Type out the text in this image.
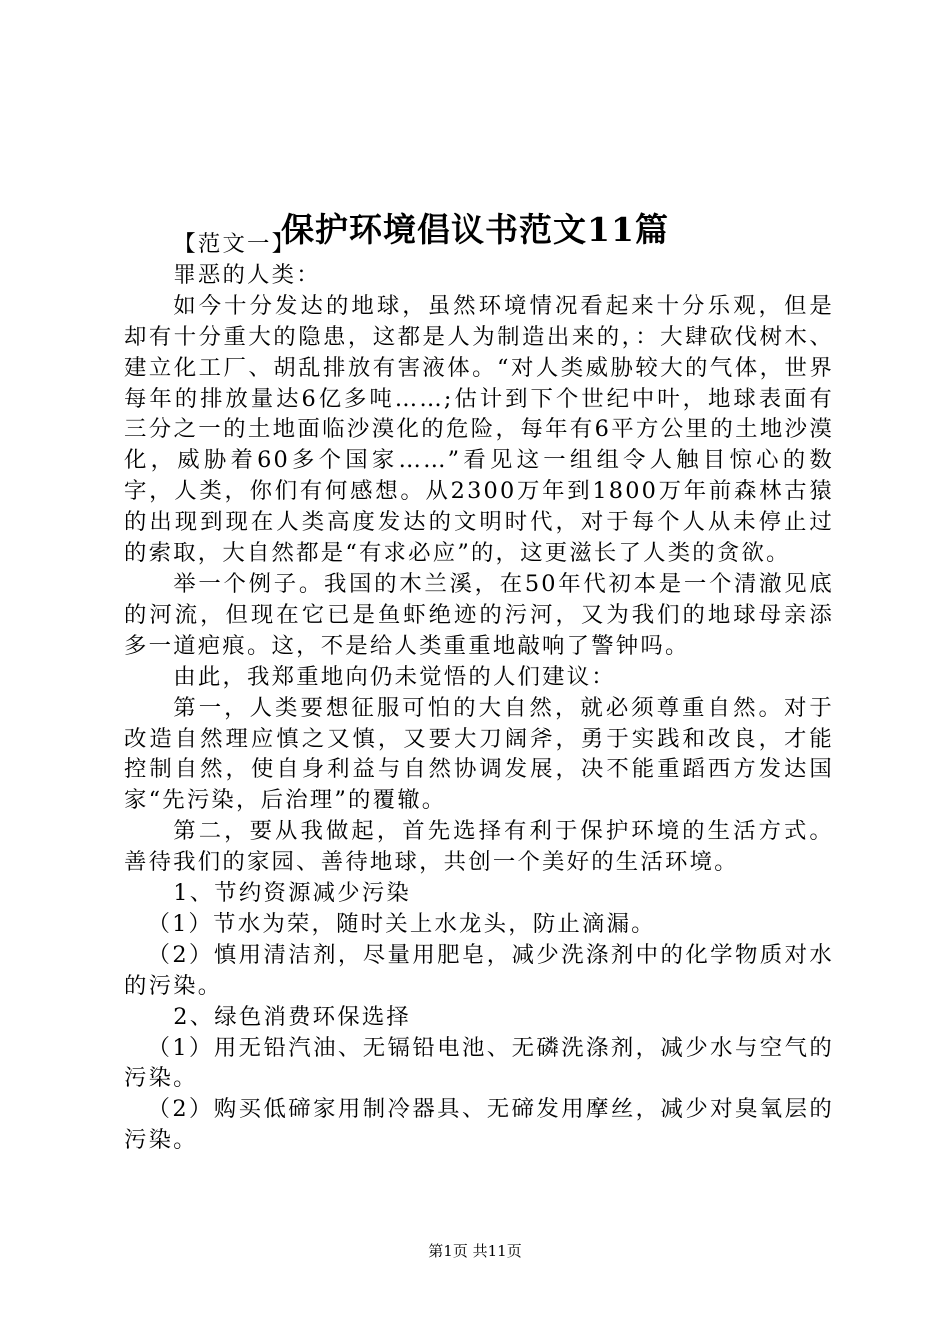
保护环境倡议书范文11篇

【范文一】

罪恶的人类：

如今十分发达的地球，虽然环境情况看起来十分乐观，但是却有十分重大的隐患，这都是人为制造出来的，：大肆砍伐树木、建立化工厂、胡乱排放有害液体。“对人类威胁较大的气体，世界每年的排放量达6亿多吨……;估计到下个世纪中叶，地球表面有三分之一的土地面临沙漠化的危险，每年有6平方公里的土地沙漠化，威胁着60多个国家……”看见这一组组令人触目惊心的数字，人类，你们有何感想。从2300万年到1800万年前森林古猿的出现到现在人类高度发达的文明时代，对于每个人从未停止过的索取，大自然都是“有求必应”的，这更滋长了人类的贪欲。

举一个例子。我国的木兰溪，在50年代初本是一个清澈见底的河流，但现在它已是鱼虾绝迹的污河，又为我们的地球母亲添多一道疤痕。这，不是给人类重重地敲响了警钟吗。

由此，我郑重地向仍未觉悟的人们建议：

第一，人类要想征服可怕的大自然，就必须尊重自然。对于改造自然理应慎之又慎，又要大刀阔斧，勇于实践和改良，才能控制自然，使自身利益与自然协调发展，决不能重蹈西方发达国家“先污染，后治理”的覆辙。

第二，要从我做起，首先选择有利于保护环境的生活方式。善待我们的家园、善待地球，共创一个美好的生活环境。

1、节约资源减少污染

（1）节水为荣，随时关上水龙头，防止滴漏。

（2）慎用清洁剂，尽量用肥皂，减少洗涤剂中的化学物质对水的污染。

2、绿色消费环保选择

（1）用无铅汽油、无镉铅电池、无磷洗涤剂，减少水与空气的污染。

（2）购买低碲家用制冷器具、无碲发用摩丝，减少对臭氧层的污染。

第1页 共11页
